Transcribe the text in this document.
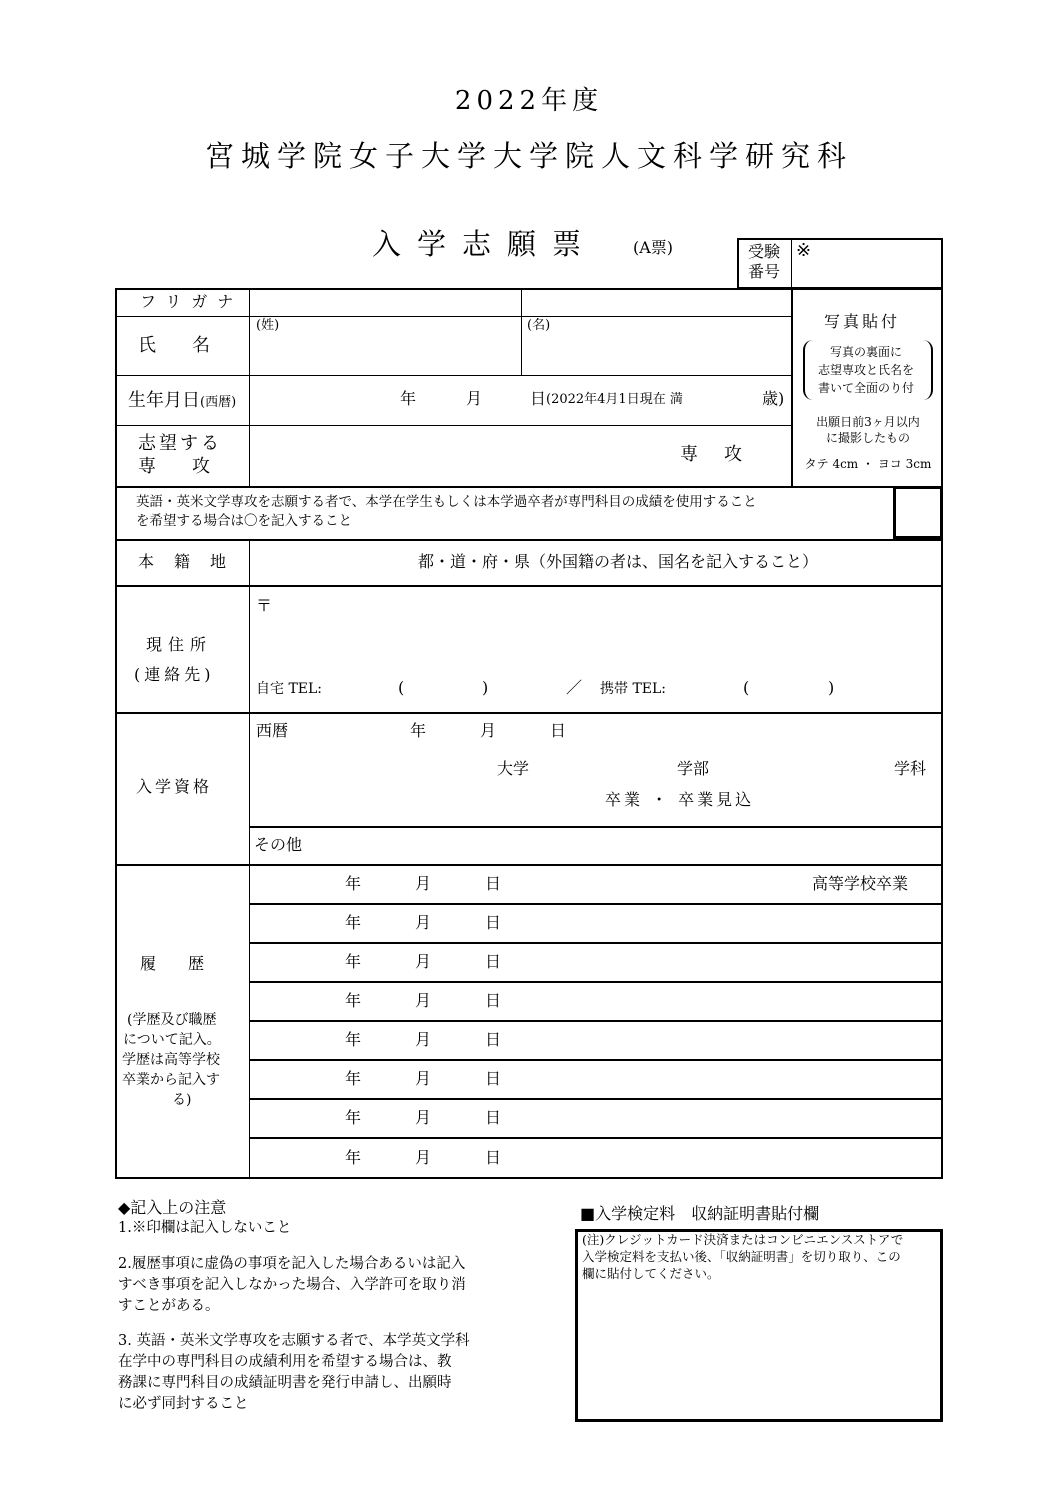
2022年度
宮城学院女子大学大学院人文科学研究科
入学志願票 (A票)	受験
番号
※
フリガナ
氏　　名
(姓)	(名)
生年月日(西暦)	年	月	日 (2022年4月1日現在 満	歳)
志望する
専　　攻
専　攻
写真貼付
写真の裏面に
志望専攻と氏名を
書いて全面のり付
出願日前3ヶ月以内
に撮影したもの
タテ 4cm ・ ヨコ 3cm
英語・英米文学専攻を志願する者で、本学在学生もしくは本学過卒者が専門科目の成績を使用すること
を希望する場合は〇を記入すること
本　籍　地	都・道・府・県（外国籍の者は、国名を記入すること）
現住所
(連絡先)
〒
自宅 TEL:	(	)	／ 携帯 TEL:	(	)
入学資格
西暦	年	月	日
大学	学部	学科
卒業 ・ 卒業見込
その他
履　　歴
(学歴及び職歴
について記入。
学歴は高等学校
卒業から記入す
る)
年	月	日	高等学校卒業
年	月	日
年	月	日
年	月	日
年	月	日
年	月	日
年	月	日
年	月	日
◆記入上の注意
1.※印欄は記入しないこと
2.履歴事項に虚偽の事項を記入した場合あるいは記入
すべき事項を記入しなかった場合、入学許可を取り消
すことがある。
3. 英語・英米文学専攻を志願する者で、本学英文学科
在学中の専門科目の成績利用を希望する場合は、教
務課に専門科目の成績証明書を発行申請し、出願時
に必ず同封すること
■入学検定料　収納証明書貼付欄
(注)クレジットカード決済またはコンビニエンスストアで
入学検定料を支払い後、「収納証明書」を切り取り、この
欄に貼付してください。
